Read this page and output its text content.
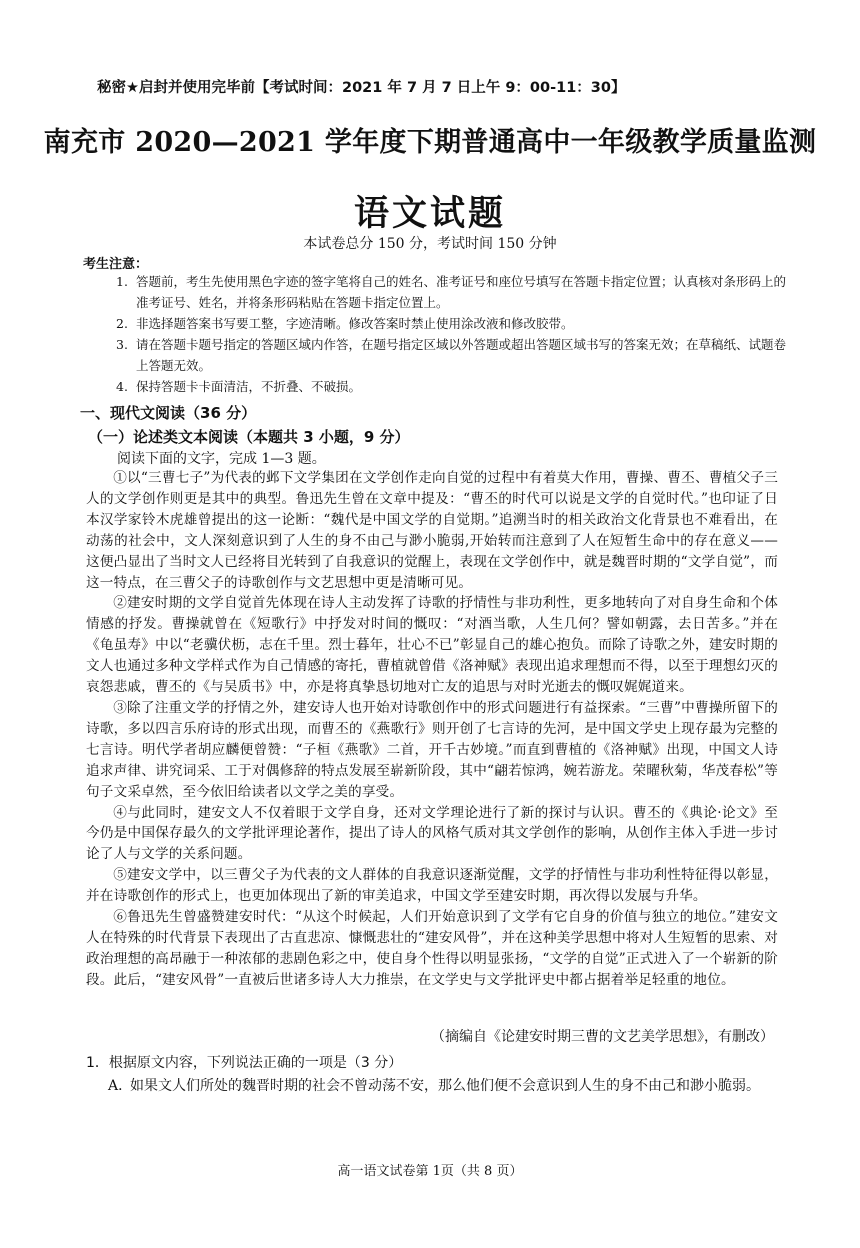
秘密★启封并使用完毕前【考试时间：2021 年 7 月 7 日上午 9：00-11：30】
南充市 2020—2021 学年度下期普通高中一年级教学质量监测
语文试题
本试卷总分 150 分，考试时间 150 分钟
考生注意：
1. 答题前，考生先使用黑色字迹的签字笔将自己的姓名、准考证号和座位号填写在答题卡指定位置；认真核对条形码上的准考证号、姓名，并将条形码粘贴在答题卡指定位置上。
2. 非选择题答案书写要工整，字迹清晰。修改答案时禁止使用涂改液和修改胶带。
3. 请在答题卡题号指定的答题区域内作答，在题号指定区域以外答题或超出答题区域书写的答案无效；在草稿纸、试题卷上答题无效。
4. 保持答题卡卡面清洁，不折叠、不破损。
一、现代文阅读（36 分）
（一）论述类文本阅读（本题共 3 小题，9 分）
阅读下面的文字，完成 1—3 题。

①以“三曹七子”为代表的邺下文学集团在文学创作走向自觉的过程中有着莫大作用，曹操、曹丕、曹植父子三人的文学创作则更是其中的典型。鲁迅先生曾在文章中提及：“曹丕的时代可以说是文学的自觉时代。”也印证了日本汉学家铃木虎雄曾提出的这一论断：“魏代是中国文学的自觉期。”追溯当时的相关政治文化背景也不难看出，在动荡的社会中，文人深刻意识到了人生的身不由己与渺小脆弱,开始转而注意到了人在短暂生命中的存在意义——这便凸显出了当时文人已经将目光转到了自我意识的觉醒上，表现在文学创作中，就是魏晋时期的“文学自觉”，而这一特点，在三曹父子的诗歌创作与文艺思想中更是清晰可见。

②建安时期的文学自觉首先体现在诗人主动发挥了诗歌的抒情性与非功利性，更多地转向了对自身生命和个体情感的抒发。曹操就曾在《短歌行》中抒发对时间的慨叹：“对酒当歌，人生几何？譬如朝露，去日苦多。”并在《龟虽寿》中以“老骥伏枥，志在千里。烈士暮年，壮心不已”彰显自己的雄心抱负。而除了诗歌之外，建安时期的文人也通过多种文学样式作为自己情感的寄托，曹植就曾借《洛神赋》表现出追求理想而不得，以至于理想幻灭的哀怨悲戚，曹丕的《与吴质书》中，亦是将真挚恳切地对亡友的追思与对时光逝去的慨叹娓娓道来。

③除了注重文学的抒情之外，建安诗人也开始对诗歌创作中的形式问题进行有益探索。“三曹”中曹操所留下的诗歌，多以四言乐府诗的形式出现，而曹丕的《燕歌行》则开创了七言诗的先河，是中国文学史上现存最为完整的七言诗。明代学者胡应麟便曾赞：“子桓《燕歌》二首，开千古妙境。”而直到曹植的《洛神赋》出现，中国文人诗追求声律、讲究词采、工于对偶修辞的特点发展至崭新阶段，其中“翩若惊鸿，婉若游龙。荣曜秋菊，华茂春松”等句子文采卓然，至今依旧给读者以文学之美的享受。

④与此同时，建安文人不仅着眼于文学自身，还对文学理论进行了新的探讨与认识。曹丕的《典论·论文》至今仍是中国保存最久的文学批评理论著作，提出了诗人的风格气质对其文学创作的影响，从创作主体入手进一步讨论了人与文学的关系问题。

⑤建安文学中，以三曹父子为代表的文人群体的自我意识逐渐觉醒，文学的抒情性与非功利性特征得以彰显，并在诗歌创作的形式上，也更加体现出了新的审美追求，中国文学至建安时期，再次得以发展与升华。

⑥鲁迅先生曾盛赞建安时代：“从这个时候起，人们开始意识到了文学有它自身的价值与独立的地位。”建安文人在特殊的时代背景下表现出了古直悲凉、慷慨悲壮的“建安风骨”，并在这种美学思想中将对人生短暂的思索、对政治理想的高昂融于一种浓郁的悲剧色彩之中，使自身个性得以明显张扬，“文学的自觉”正式进入了一个崭新的阶段。此后，“建安风骨”一直被后世诸多诗人大力推崇，在文学史与文学批评史中都占据着举足轻重的地位。

（摘编自《论建安时期三曹的文艺美学思想》，有删改）
1．根据原文内容，下列说法正确的一项是（3 分）
A．
如果文人们所处的魏晋时期的社会不曾动荡不安，那么他们便不会意识到人生的身不由己和渺小脆弱。
高一语文试卷第 1页（共 8 页）
